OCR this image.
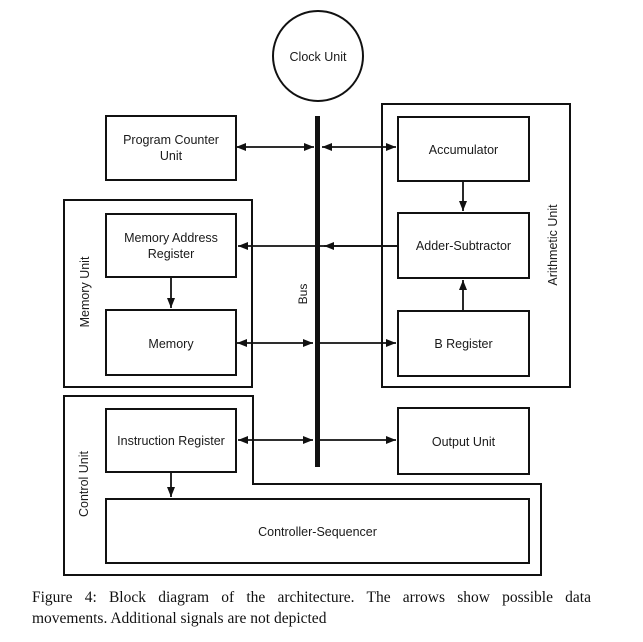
Clock Unit
Program Counter
Unit
Memory Address
Register
Memory
Instruction Register
Controller-Sequencer
Accumulator
Adder-Subtractor
B Register
Output Unit
Bus
Memory Unit
Arithmetic Unit
Control Unit
Figure 4: Block diagram of the architecture. The arrows show possible data
movements. Additional signals are not depicted
